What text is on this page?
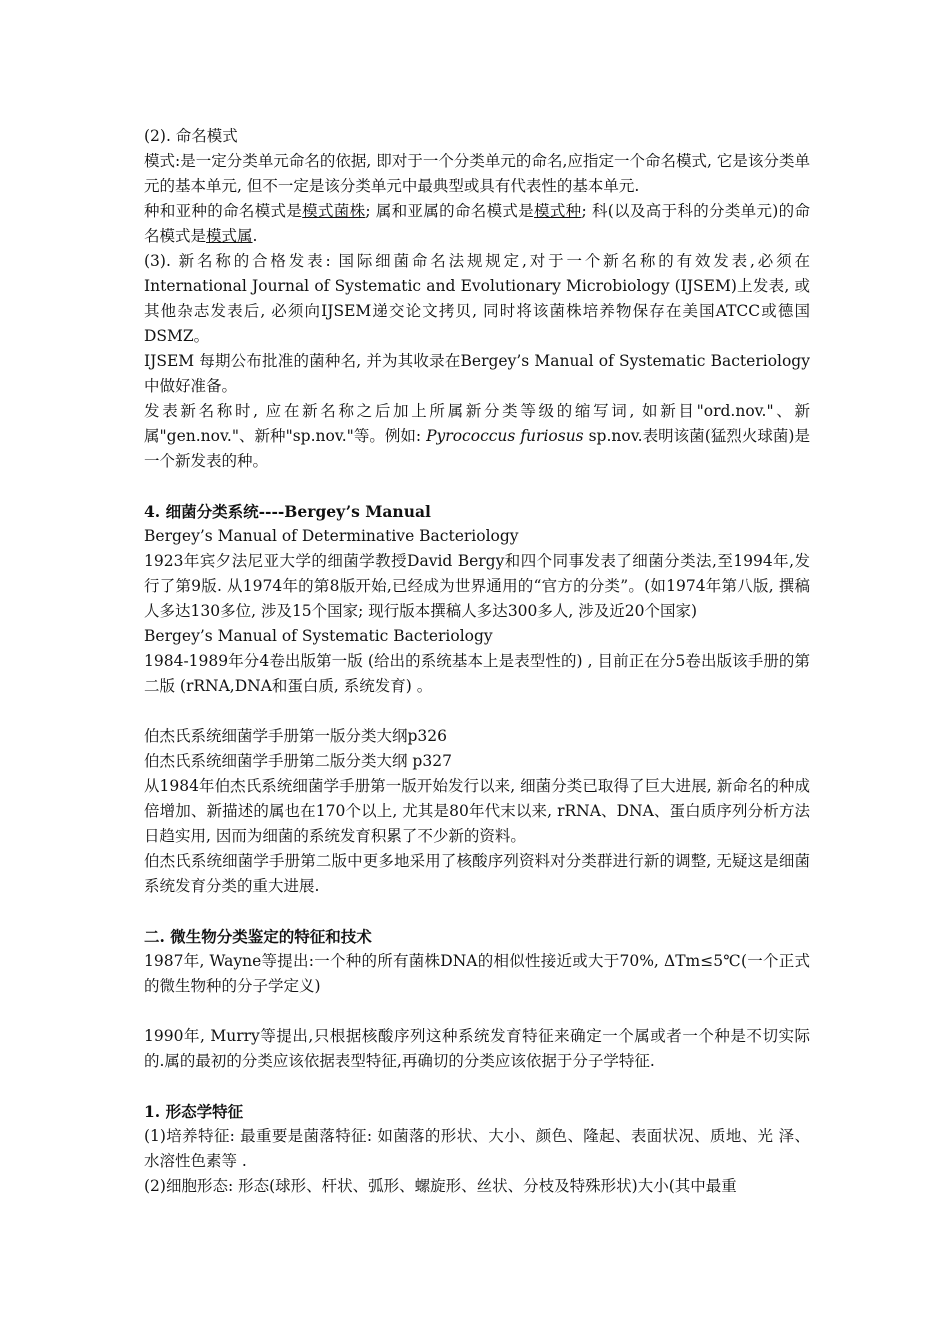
(2). 命名模式

模式:是一定分类单元命名的依据, 即对于一个分类单元的命名,应指定一个命名模式, 它是该分类单元的基本单元, 但不一定是该分类单元中最典型或具有代表性的基本单元.

种和亚种的命名模式是模式菌株; 属和亚属的命名模式是模式种; 科(以及高于科的分类单元)的命名模式是模式属.

(3). 新名称的合格发表: 国际细菌命名法规规定,对于一个新名称的有效发表,必须在International Journal of Systematic and Evolutionary Microbiology (IJSEM)上发表, 或其他杂志发表后, 必须向IJSEM递交论文拷贝, 同时将该菌株培养物保存在美国ATCC或德国DSMZ。

IJSEM 每期公布批准的菌种名, 并为其收录在Bergey’s Manual of Systematic Bacteriology中做好准备。

发表新名称时, 应在新名称之后加上所属新分类等级的缩写词, 如新目"ord.nov."、新属"gen.nov."、新种"sp.nov."等。例如: Pyrococcus furiosus sp.nov.表明该菌(猛烈火球菌)是一个新发表的种。

4. 细菌分类系统----Bergey’s Manual

Bergey’s Manual of Determinative Bacteriology

1923年宾夕法尼亚大学的细菌学教授David Bergy和四个同事发表了细菌分类法,至1994年,发行了第9版. 从1974年的第8版开始,已经成为世界通用的“官方的分类”。(如1974年第八版, 撰稿人多达130多位, 涉及15个国家; 现行版本撰稿人多达300多人, 涉及近20个国家)

Bergey’s Manual of Systematic Bacteriology

1984-1989年分4卷出版第一版 (给出的系统基本上是表型性的) , 目前正在分5卷出版该手册的第二版 (rRNA,DNA和蛋白质, 系统发育) 。

伯杰氏系统细菌学手册第一版分类大纲p326

伯杰氏系统细菌学手册第二版分类大纲 p327

从1984年伯杰氏系统细菌学手册第一版开始发行以来, 细菌分类已取得了巨大进展, 新命名的种成倍增加、新描述的属也在170个以上, 尤其是80年代末以来, rRNA、DNA、蛋白质序列分析方法日趋实用, 因而为细菌的系统发育积累了不少新的资料。

伯杰氏系统细菌学手册第二版中更多地采用了核酸序列资料对分类群进行新的调整, 无疑这是细菌系统发育分类的重大进展.

二. 微生物分类鉴定的特征和技术

1987年, Wayne等提出:一个种的所有菌株DNA的相似性接近或大于70%, ΔTm≤5℃(一个正式的微生物种的分子学定义)

1990年, Murry等提出,只根据核酸序列这种系统发育特征来确定一个属或者一个种是不切实际的.属的最初的分类应该依据表型特征,再确切的分类应该依据于分子学特征.

1. 形态学特征

(1)培养特征: 最重要是菌落特征: 如菌落的形状、大小、颜色、隆起、表面状况、质地、光 泽、水溶性色素等 .

(2)细胞形态: 形态(球形、杆状、弧形、螺旋形、丝状、分枝及特殊形状)大小(其中最重
